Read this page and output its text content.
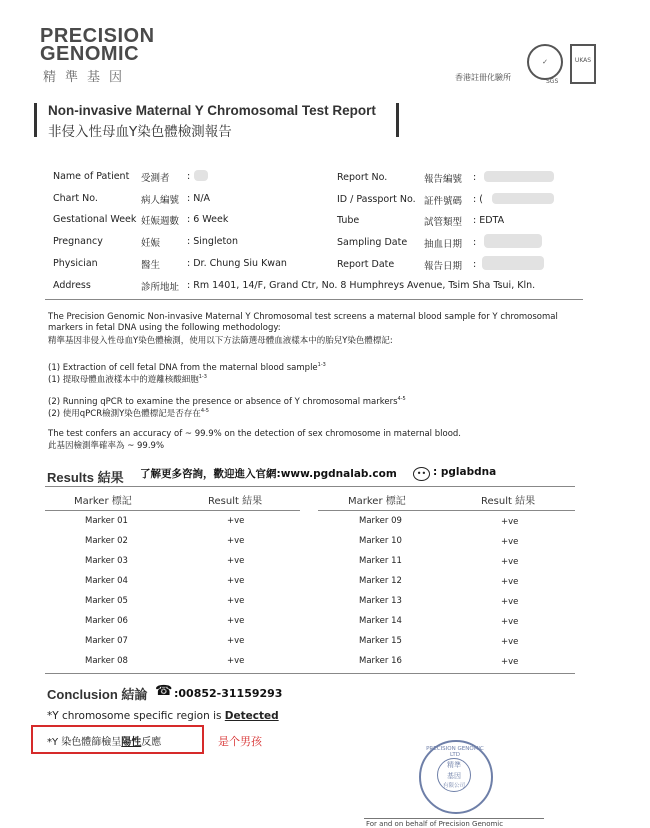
PRECISION
GENOMIC
精準基因
✓
SGS

UKAS
香港註冊化驗所
Non-invasive Maternal Y Chromosomal Test Report
非侵入性母血Y染色體檢測報告
Name of Patient 受測者 :
Chart No.	病人編號 : N/A
Gestational Week 妊娠週數 : 6 Week
Pregnancy	妊娠	: Singleton
Physician	醫生	: Dr. Chung Siu Kwan
Address	診所地址 : Rm 1401, 14/F, Grand Ctr, No. 8 Humphreys Avenue, Tsim Sha Tsui, Kln.
Report No.	報告編號 :
ID / Passport No. 証件號碼 : (
Tube	試管類型 : EDTA
Sampling Date 抽血日期 :
Report Date	報告日期 :
The Precision Genomic Non-invasive Maternal Y Chromosomal test screens a maternal blood sample for Y chromosomal markers in fetal DNA using the following methodology:
精準基因非侵入性母血Y染色體檢測，使用以下方法篩選母體血液樣本中的胎兒Y染色體標記:
(1) Extraction of cell fetal DNA from the maternal blood sample$^{1-3}$
(1) 提取母體血液樣本中的遊離核酸細胞$^{1-3}$
(2) Running qPCR to examine the presence or absence of Y chromosomal markers$^{4-5}$
(2) 使用qPCR檢測Y染色體標記是否存在$^{4-5}$
The test confers an accuracy of ~ 99.9% on the detection of sex chromosome in maternal blood.
此基因檢測準確率為 ~ 99.9%
Results 結果 了解更多咨詢，歡迎進入官網:www.pgdnalab.com	•• : pglabdna
Marker 標記	Result 結果	Marker 標記	Result 結果
Marker 01	+ve
Marker 02	+ve
Marker 03	+ve
Marker 04	+ve
Marker 05	+ve
Marker 06	+ve
Marker 07	+ve
Marker 08	+ve
Marker 09	+ve
Marker 10	+ve
Marker 11	+ve
Marker 12	+ve
Marker 13	+ve
Marker 14	+ve
Marker 15	+ve
Marker 16	+ve
Conclusion 結論 ☎ :00852-31159293
*Y chromosome specific region is Detected
*Y 染色體篩檢呈陽性反應	是个男孩
PRECISION GENOMIC LTD
精準
基因
有限公司
For and on behalf of Precision Genomic
